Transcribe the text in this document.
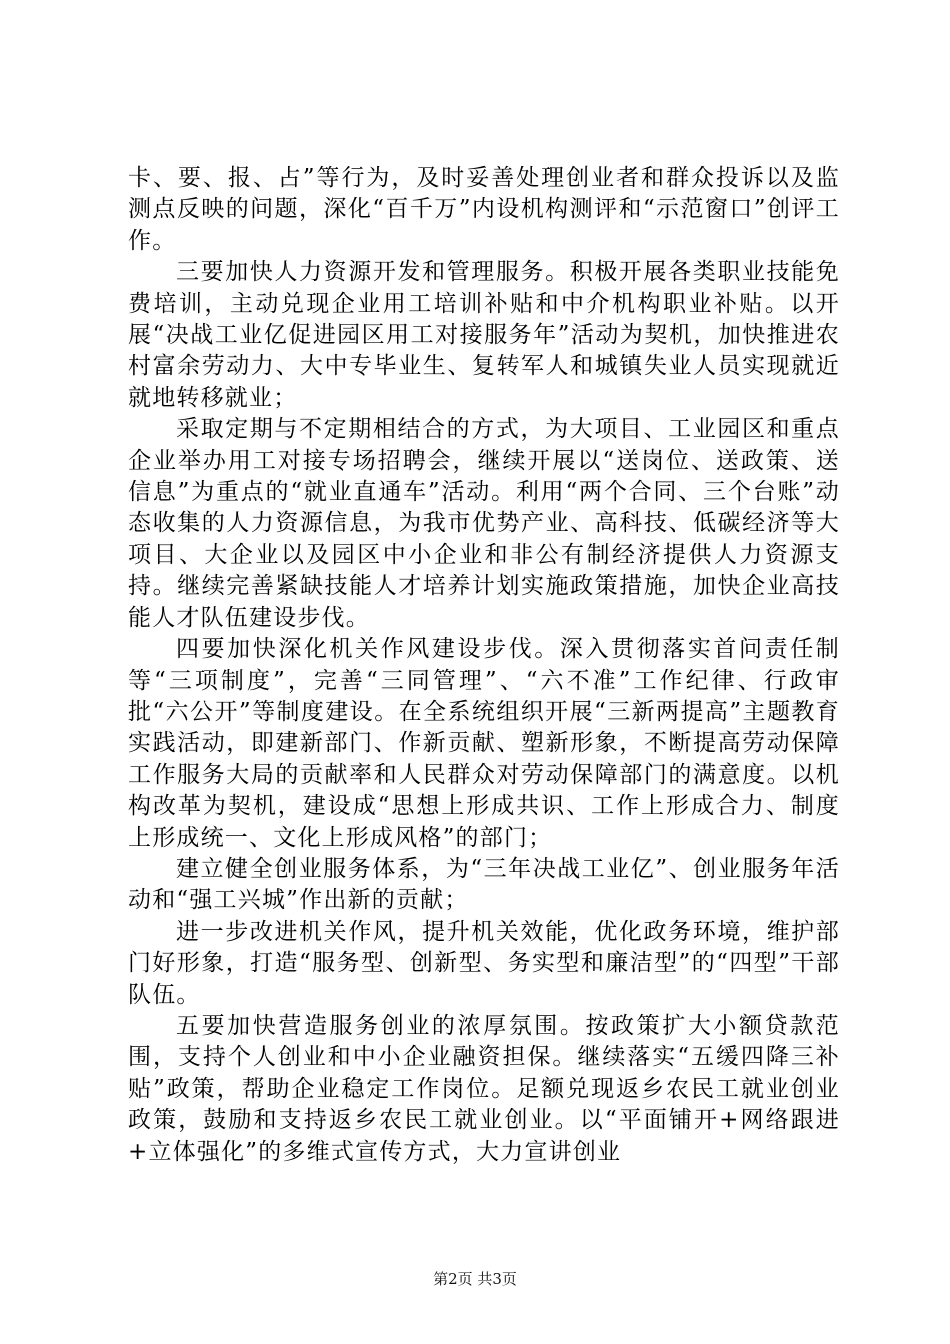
卡、要、报、占”等行为，及时妥善处理创业者和群众投诉以及监测点反映的问题，深化“百千万”内设机构测评和“示范窗口”创评工作。

三要加快人力资源开发和管理服务。积极开展各类职业技能免费培训，主动兑现企业用工培训补贴和中介机构职业补贴。以开展“决战工业亿促进园区用工对接服务年”活动为契机，加快推进农村富余劳动力、大中专毕业生、复转军人和城镇失业人员实现就近就地转移就业；

采取定期与不定期相结合的方式，为大项目、工业园区和重点企业举办用工对接专场招聘会，继续开展以“送岗位、送政策、送信息”为重点的“就业直通车”活动。利用“两个合同、三个台账”动态收集的人力资源信息，为我市优势产业、高科技、低碳经济等大项目、大企业以及园区中小企业和非公有制经济提供人力资源支持。继续完善紧缺技能人才培养计划实施政策措施，加快企业高技能人才队伍建设步伐。

四要加快深化机关作风建设步伐。深入贯彻落实首问责任制等“三项制度”，完善“三同管理”、“六不准”工作纪律、行政审批“六公开”等制度建设。在全系统组织开展“三新两提高”主题教育实践活动，即建新部门、作新贡献、塑新形象，不断提高劳动保障工作服务大局的贡献率和人民群众对劳动保障部门的满意度。以机构改革为契机，建设成“思想上形成共识、工作上形成合力、制度上形成统一、文化上形成风格”的部门；

建立健全创业服务体系，为“三年决战工业亿”、创业服务年活动和“强工兴城”作出新的贡献；

进一步改进机关作风，提升机关效能，优化政务环境，维护部门好形象，打造“服务型、创新型、务实型和廉洁型”的“四型”干部队伍。

五要加快营造服务创业的浓厚氛围。按政策扩大小额贷款范围，支持个人创业和中小企业融资担保。继续落实“五缓四降三补贴”政策，帮助企业稳定工作岗位。足额兑现返乡农民工就业创业政策，鼓励和支持返乡农民工就业创业。以“平面铺开+网络跟进+立体强化”的多维式宣传方式，大力宣讲创业

第2页 共3页
